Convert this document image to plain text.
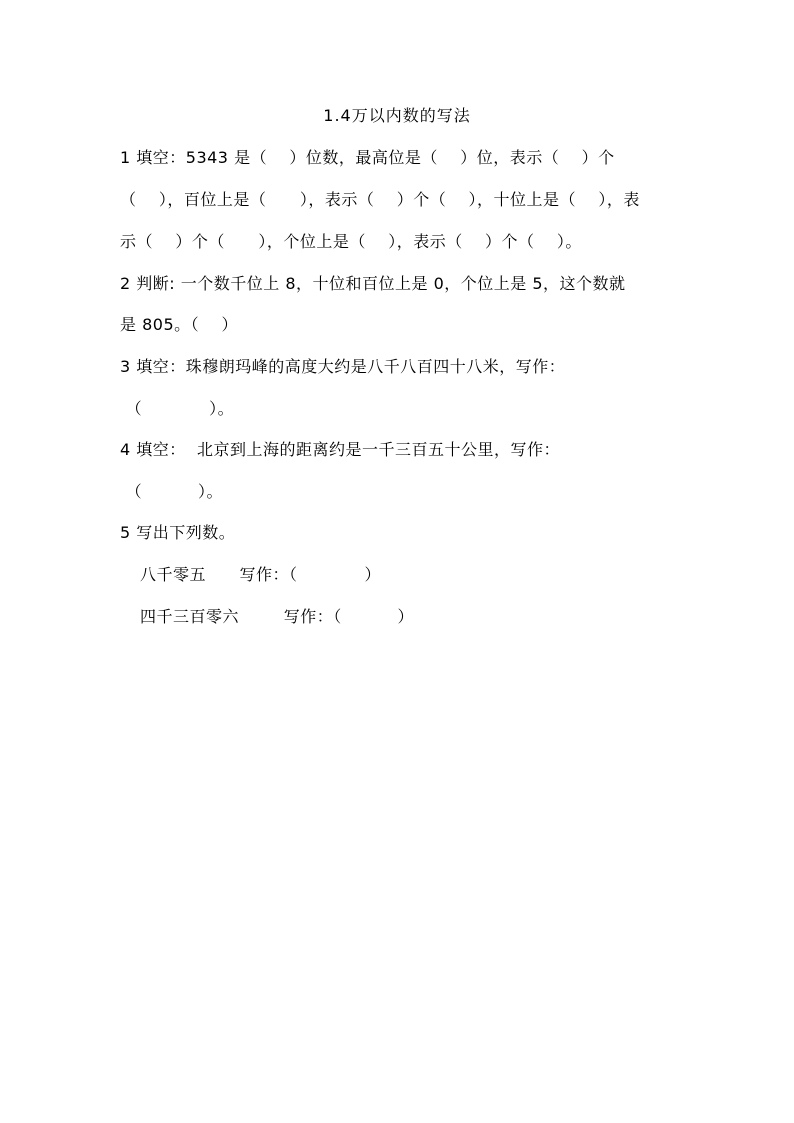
1.4万以内数的写法
1 填空：5343 是（    ）位数，最高位是（    ）位，表示（    ）个
（    ），百位上是（      ），表示（    ）个（    ），十位上是（    ），表
示（    ）个（      ），个位上是（    ），表示（    ）个（    ）。
2 判断: 一个数千位上 8，十位和百位上是 0，个位上是 5，这个数就
是 805。（    ）
3 填空：珠穆朗玛峰的高度大约是八千八百四十八米，写作：
（            ）。
4 填空：  北京到上海的距离约是一千三百五十公里，写作：
（          ）。
5 写出下列数。
八千零五      写作：（            ）
四千三百零六        写作：（          ）
